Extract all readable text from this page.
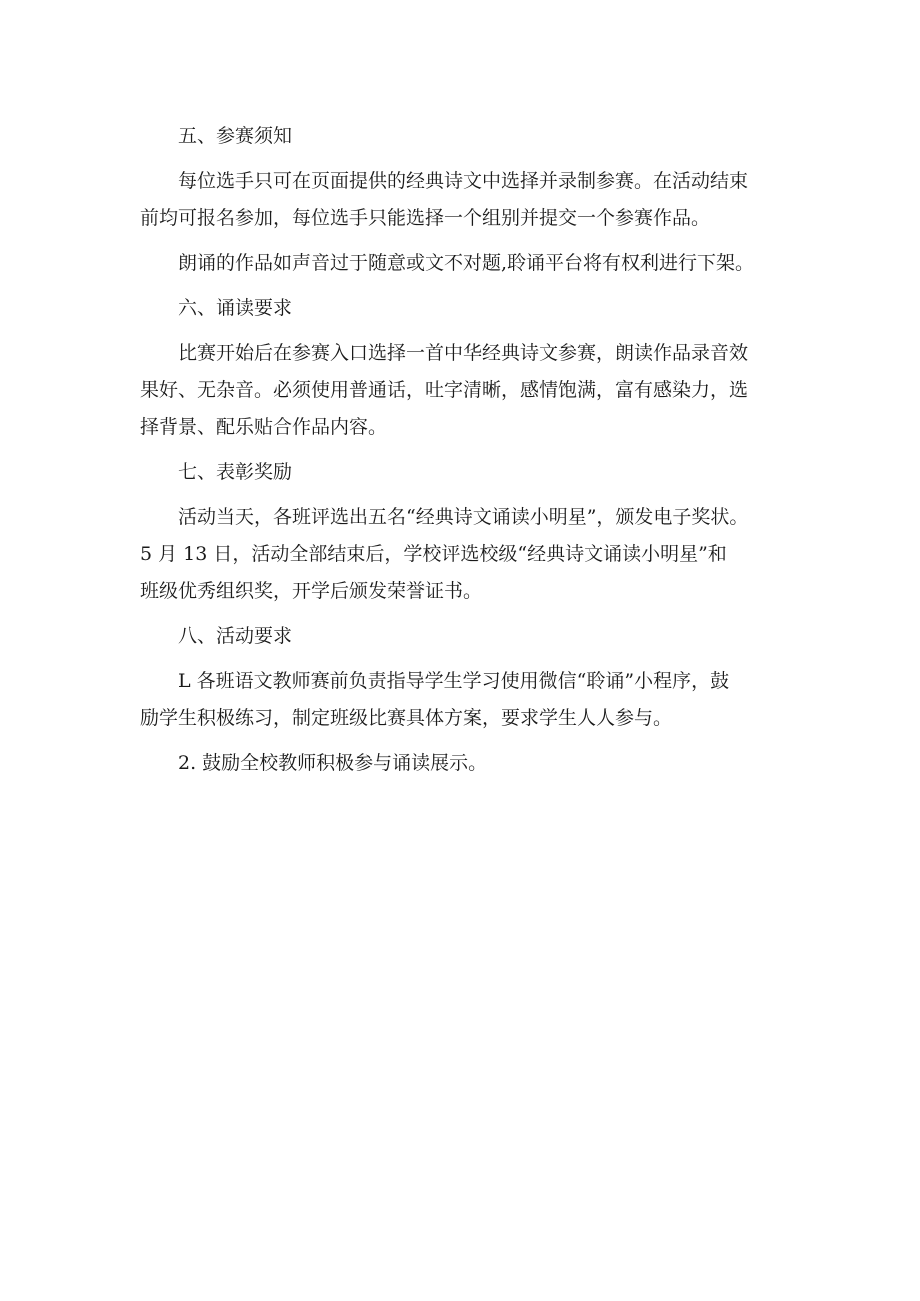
五、参赛须知
每位选手只可在页面提供的经典诗文中选择并录制参赛。在活动结束
前均可报名参加，每位选手只能选择一个组别并提交一个参赛作品。
朗诵的作品如声音过于随意或文不对题,聆诵平台将有权利进行下架。
六、诵读要求
比赛开始后在参赛入口选择一首中华经典诗文参赛，朗读作品录音效
果好、无杂音。必须使用普通话，吐字清晰，感情饱满，富有感染力，选
择背景、配乐贴合作品内容。
七、表彰奖励
活动当天，各班评选出五名“经典诗文诵读小明星”，颁发电子奖状。
5 月 13 日，活动全部结束后，学校评选校级“经典诗文诵读小明星”和
班级优秀组织奖，开学后颁发荣誉证书。
八、活动要求
L 各班语文教师赛前负责指导学生学习使用微信“聆诵”小程序，鼓
励学生积极练习，制定班级比赛具体方案，要求学生人人参与。
2. 鼓励全校教师积极参与诵读展示。
